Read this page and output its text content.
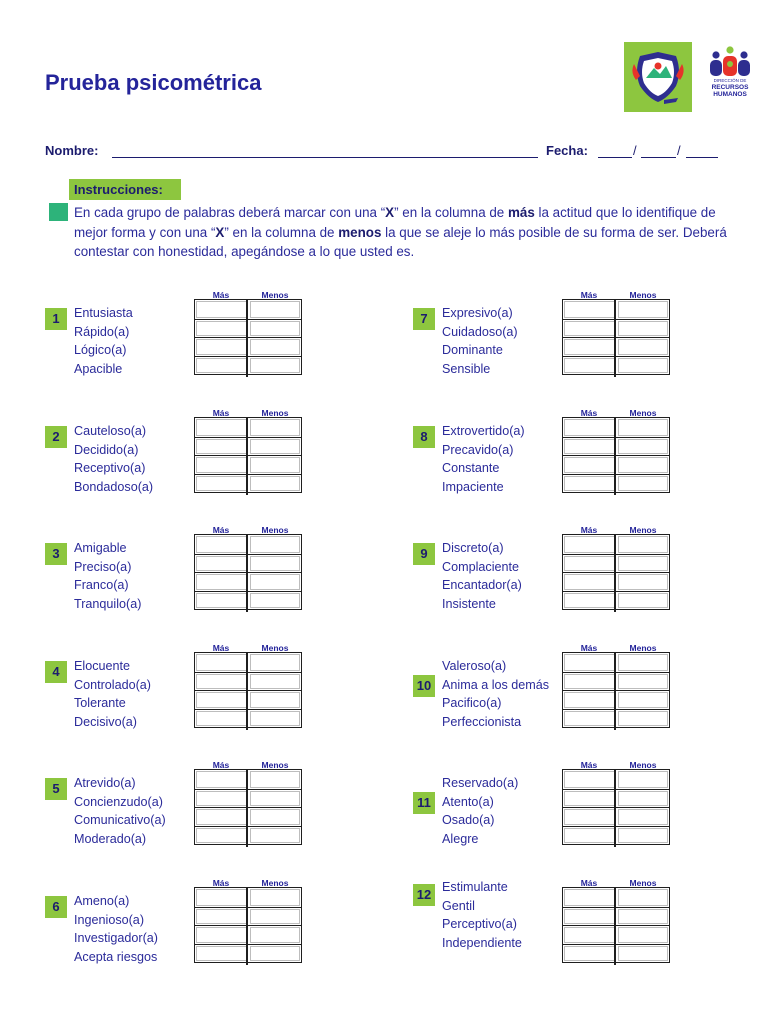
Prueba psicométrica	DIRECCIÓN DE
RECURSOS
HUMANOS
Nombre:	Fecha:	/	/
Instrucciones:

En cada grupo de palabras deberá marcar con una “X” en la columna de más la actitud que lo identifique de mejor forma y con una “X” en la columna de menos la que se aleje lo más posible de su forma de ser. Deberá contestar con honestidad, apegándose a lo que usted es.

1	Entusiasta
Rápido(a)
Lógico(a)
Apacible
Más	Menos
2	Cauteloso(a)
Decidido(a)
Receptivo(a)
Bondadoso(a)
Más	Menos
3	Amigable
Preciso(a)
Franco(a)
Tranquilo(a)
Más	Menos
4	Elocuente
Controlado(a)
Tolerante
Decisivo(a)
Más	Menos
5	Atrevido(a)
Concienzudo(a)
Comunicativo(a)
Moderado(a)
Más	Menos
6	Ameno(a)
Ingenioso(a)
Investigador(a)
Acepta riesgos
Más	Menos
7	Expresivo(a)
Cuidadoso(a)
Dominante
Sensible
Más	Menos
8	Extrovertido(a)
Precavido(a)
Constante
Impaciente
Más	Menos
9	Discreto(a)
Complaciente
Encantador(a)
Insistente
Más	Menos
10
Valeroso(a)
Anima a los demás
Pacifico(a)
Perfeccionista
Más	Menos
11
Reservado(a)
Atento(a)
Osado(a)
Alegre
Más	Menos
12 Estimulante
Gentil
Perceptivo(a)
Independiente
Más	Menos
